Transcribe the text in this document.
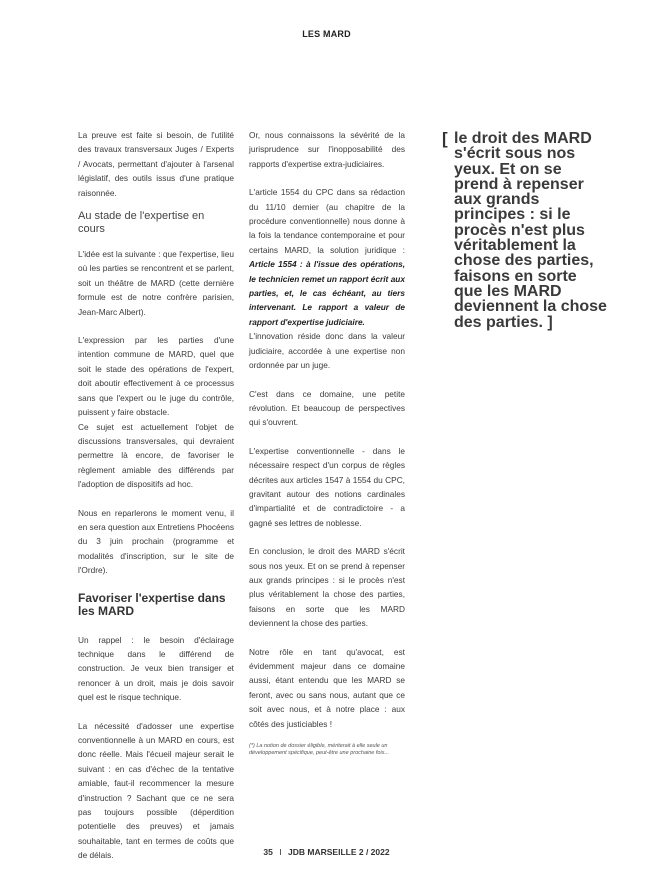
LES MARD

La preuve est faite si besoin, de l'utilité des travaux transversaux Juges / Experts / Avocats, permettant d'ajouter à l'arsenal législatif, des outils issus d'une pratique raisonnée.

Au stade de l'expertise en cours

L'idée est la suivante : que l'expertise, lieu où les parties se rencontrent et se parlent, soit un théâtre de MARD (cette dernière formule est de notre confrère parisien, Jean-Marc Albert).

L'expression par les parties d'une intention commune de MARD, quel que soit le stade des opérations de l'expert, doit aboutir effectivement à ce processus sans que l'expert ou le juge du contrôle, puissent y faire obstacle.

Ce sujet est actuellement l'objet de discussions transversales, qui devraient permettre là encore, de favoriser le règlement amiable des différends par l'adoption de dispositifs ad hoc.

Nous en reparlerons le moment venu, il en sera question aux Entretiens Phocéens du 3 juin prochain (programme et modalités d'inscription, sur le site de l'Ordre).

Favoriser l'expertise dans les MARD

Un rappel : le besoin d'éclairage technique dans le différend de construction. Je veux bien transiger et renoncer à un droit, mais je dois savoir quel est le risque technique.

La nécessité d'adosser une expertise conventionnelle à un MARD en cours, est donc réelle. Mais l'écueil majeur serait le suivant : en cas d'échec de la tentative amiable, faut-il recommencer la mesure d'instruction ? Sachant que ce ne sera pas toujours possible (déperdition potentielle des preuves) et jamais souhaitable, tant en termes de coûts que de délais.

Or, nous connaissons la sévérité de la jurisprudence sur l'inopposabilité des rapports d'expertise extra-judiciaires.

L'article 1554 du CPC dans sa rédaction du 11/10 dernier (au chapitre de la procédure conventionnelle) nous donne à la fois la tendance contemporaine et pour certains MARD, la solution juridique : Article 1554 : à l'issue des opérations, le technicien remet un rapport écrit aux parties, et, le cas échéant, au tiers intervenant. Le rapport a valeur de rapport d'expertise judiciaire.

L'innovation réside donc dans la valeur judiciaire, accordée à une expertise non ordonnée par un juge.

C'est dans ce domaine, une petite révolution. Et beaucoup de perspectives qui s'ouvrent.

L'expertise conventionnelle - dans le nécessaire respect d'un corpus de règles décrites aux articles 1547 à 1554 du CPC, gravitant autour des notions cardinales d'impartialité et de contradictoire - a gagné ses lettres de noblesse.

En conclusion, le droit des MARD s'écrit sous nos yeux. Et on se prend à repenser aux grands principes : si le procès n'est plus véritablement la chose des parties, faisons en sorte que les MARD deviennent la chose des parties.

Notre rôle en tant qu'avocat, est évidemment majeur dans ce domaine aussi, étant entendu que les MARD se feront, avec ou sans nous, autant que ce soit avec nous, et à notre place : aux côtés des justiciables !

(*) La notion de dossier éligible, mériterait à elle seule un développement spécifique, peut-être une prochaine fois...
[ le droit des MARD s'écrit sous nos yeux. Et on se prend à repenser aux grands principes : si le procès n'est plus véritablement la chose des parties, faisons en sorte que les MARD deviennent la chose des parties. ]
35 I JDB MARSEILLE 2 / 2022
